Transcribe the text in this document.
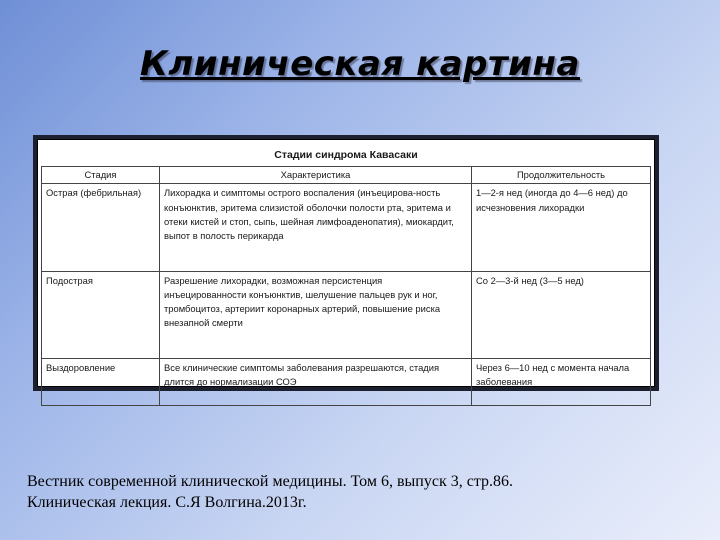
Клиническая картина
Стадии синдрома Кавасаки
Стадия	Характеристика	Продолжительность
Острая (фебрильная)	Лихорадка и симптомы острого воспаления (инъецирова-ность конъюнктив, эритема слизистой оболочки полости рта, эритема и отеки кистей и стоп, сыпь, шейная лимфоаденопатия), миокардит, выпот в полость перикарда	1—2-я нед (иногда до 4—6 нед) до исчезновения лихорадки
Подострая	Разрешение лихорадки, возможная персистенция инъецированности конъюнктив, шелушение пальцев рук и ног, тромбоцитоз, артериит коронарных артерий, повышение риска внезапной смерти	Со 2—3-й нед (3—5 нед)
Выздоровление	Все клинические симптомы заболевания разрешаются, стадия длится до нормализации СОЭ	Через 6—10 нед с момента начала заболевания
Вестник современной клинической медицины. Том 6, выпуск 3, стр.86.
Клиническая лекция. С.Я Волгина.2013г.
